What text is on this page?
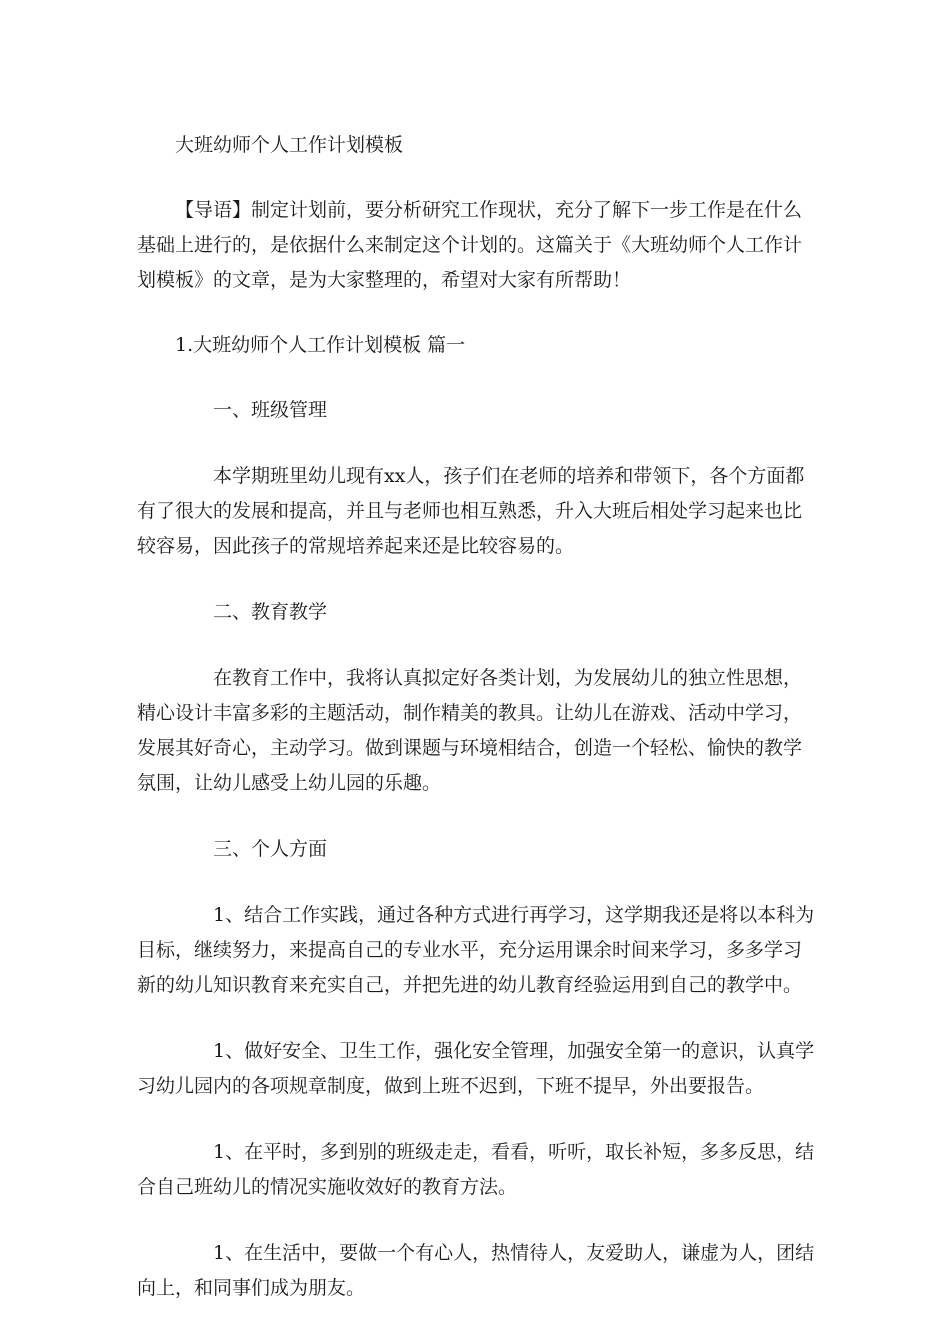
大班幼师个人工作计划模板

【导语】制定计划前，要分析研究工作现状，充分了解下一步工作是在什么基础上进行的，是依据什么来制定这个计划的。这篇关于《大班幼师个人工作计划模板》的文章，是为大家整理的，希望对大家有所帮助！

1.大班幼师个人工作计划模板 篇一

一、班级管理

本学期班里幼儿现有xx人，孩子们在老师的培养和带领下，各个方面都有了很大的发展和提高，并且与老师也相互熟悉，升入大班后相处学习起来也比较容易，因此孩子的常规培养起来还是比较容易的。

二、教育教学

在教育工作中，我将认真拟定好各类计划，为发展幼儿的独立性思想，精心设计丰富多彩的主题活动，制作精美的教具。让幼儿在游戏、活动中学习，发展其好奇心，主动学习。做到课题与环境相结合，创造一个轻松、愉快的教学氛围，让幼儿感受上幼儿园的乐趣。

三、个人方面

1、结合工作实践，通过各种方式进行再学习，这学期我还是将以本科为目标，继续努力，来提高自己的专业水平，充分运用课余时间来学习，多多学习新的幼儿知识教育来充实自己，并把先进的幼儿教育经验运用到自己的教学中。

1、做好安全、卫生工作，强化安全管理，加强安全第一的意识，认真学习幼儿园内的各项规章制度，做到上班不迟到，下班不提早，外出要报告。

1、在平时，多到别的班级走走，看看，听听，取长补短，多多反思，结合自己班幼儿的情况实施收效好的教育方法。

1、在生活中，要做一个有心人，热情待人，友爱助人，谦虚为人，团结向上，和同事们成为朋友。
